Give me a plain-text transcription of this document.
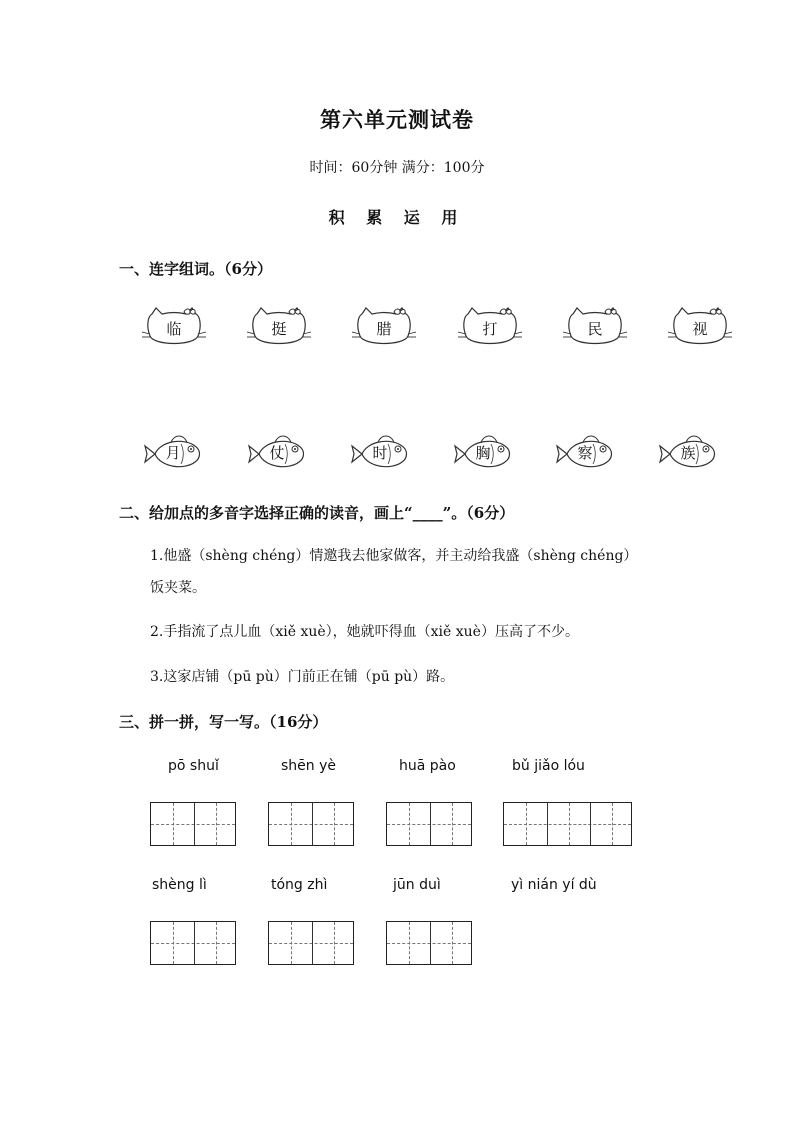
第六单元测试卷
时间：60分钟 满分：100分
积 累 运 用
一、连字组词。（6分）
临	挺	腊	打	民	视
月	仗	时	胸	察	族
二、给加点的多音字选择正确的读音，画上“____”。（6分）
1.他盛（shèng chéng）情邀我去他家做客，并主动给我盛（shèng chéng）
饭夹菜。
2.手指流了点儿血（xiě xuè），她就吓得血（xiě xuè）压高了不少。
3.这家店铺（pū pù）门前正在铺（pū pù）路。
三、拼一拼，写一写。（16分）
pō shuǐ	shēn yè	huā pào	bǔ jiǎo lóu
shèng lì	tóng zhì	jūn duì	yì nián yí dù
